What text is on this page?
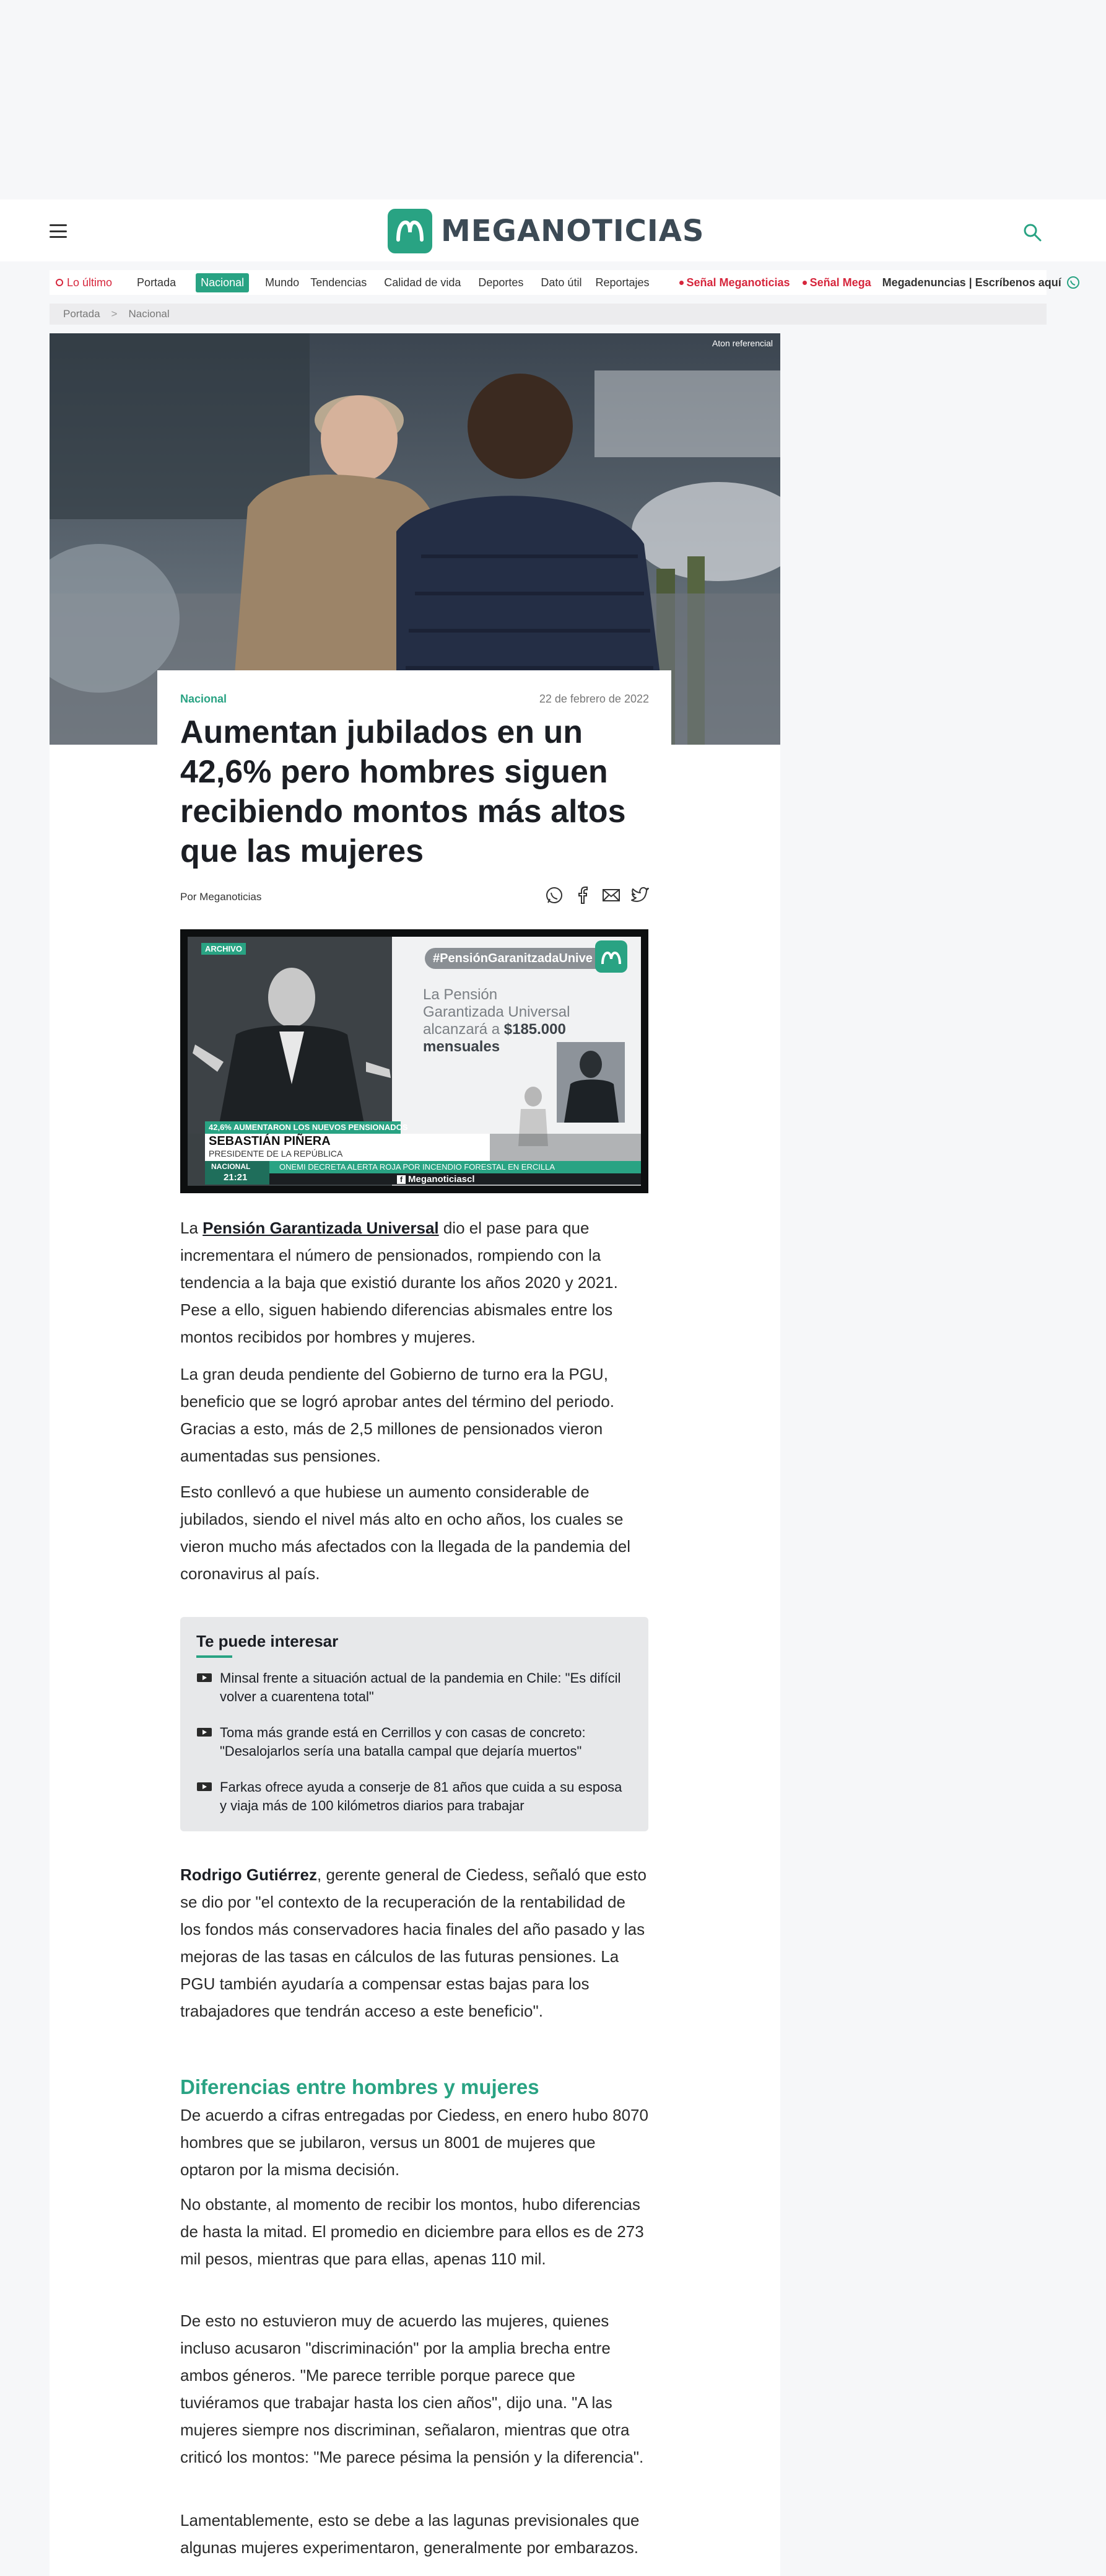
MEGANOTICIAS
Lo último Portada	Nacional	Mundo Tendencias Calidad de vida Deportes Dato útil Reportajes	Señal Meganoticias	Señal Mega Megadenuncias | Escríbenos aquí
Portada > Nacional
Aton referencial
Nacional	22 de febrero de 2022
Aumentan jubilados en un 42,6% pero hombres siguen recibiendo montos más altos que las mujeres
Por Meganoticias
ARCHIVO
#PensiónGaranitzadaUnive
La Pensión
Garantizada Universal
alcanzará a $185.000
mensuales
42,6% AUMENTARON LOS NUEVOS PENSIONADOS
SEBASTIÁN PIÑERA
PRESIDENTE DE LA REPÚBLICA
NACIONAL
21:21
ONEMI DECRETA ALERTA ROJA POR INCENDIO FORESTAL EN ERCILLA
f Meganoticiascl

La Pensión Garantizada Universal dio el pase para que incrementara el número de pensionados, rompiendo con la tendencia a la baja que existió durante los años 2020 y 2021. Pese a ello, siguen habiendo diferencias abismales entre los montos recibidos por hombres y mujeres.

La gran deuda pendiente del Gobierno de turno era la PGU, beneficio que se logró aprobar antes del término del periodo. Gracias a esto, más de 2,5 millones de pensionados vieron aumentadas sus pensiones.

Esto conllevó a que hubiese un aumento considerable de jubilados, siendo el nivel más alto en ocho años, los cuales se vieron mucho más afectados con la llegada de la pandemia del coronavirus al país.

Te puede interesar
Minsal frente a situación actual de la pandemia en Chile: "Es difícil volver a cuarentena total"
Toma más grande está en Cerrillos y con casas de concreto: "Desalojarlos sería una batalla campal que dejaría muertos"
Farkas ofrece ayuda a conserje de 81 años que cuida a su esposa y viaja más de 100 kilómetros diarios para trabajar

Rodrigo Gutiérrez, gerente general de Ciedess, señaló que esto se dio por "el contexto de la recuperación de la rentabilidad de los fondos más conservadores hacia finales del año pasado y las mejoras de las tasas en cálculos de las futuras pensiones. La PGU también ayudaría a compensar estas bajas para los trabajadores que tendrán acceso a este beneficio".

Diferencias entre hombres y mujeres

De acuerdo a cifras entregadas por Ciedess, en enero hubo 8070 hombres que se jubilaron, versus un 8001 de mujeres que optaron por la misma decisión.

No obstante, al momento de recibir los montos, hubo diferencias de hasta la mitad. El promedio en diciembre para ellos es de 273 mil pesos, mientras que para ellas, apenas 110 mil.

De esto no estuvieron muy de acuerdo las mujeres, quienes incluso acusaron "discriminación" por la amplia brecha entre ambos géneros. "Me parece terrible porque parece que tuviéramos que trabajar hasta los cien años", dijo una. "A las mujeres siempre nos discriminan, señalaron, mientras que otra criticó los montos: "Me parece pésima la pensión y la diferencia".

Lamentablemente, esto se debe a las lagunas previsionales que algunas mujeres experimentaron, generalmente por embarazos.
